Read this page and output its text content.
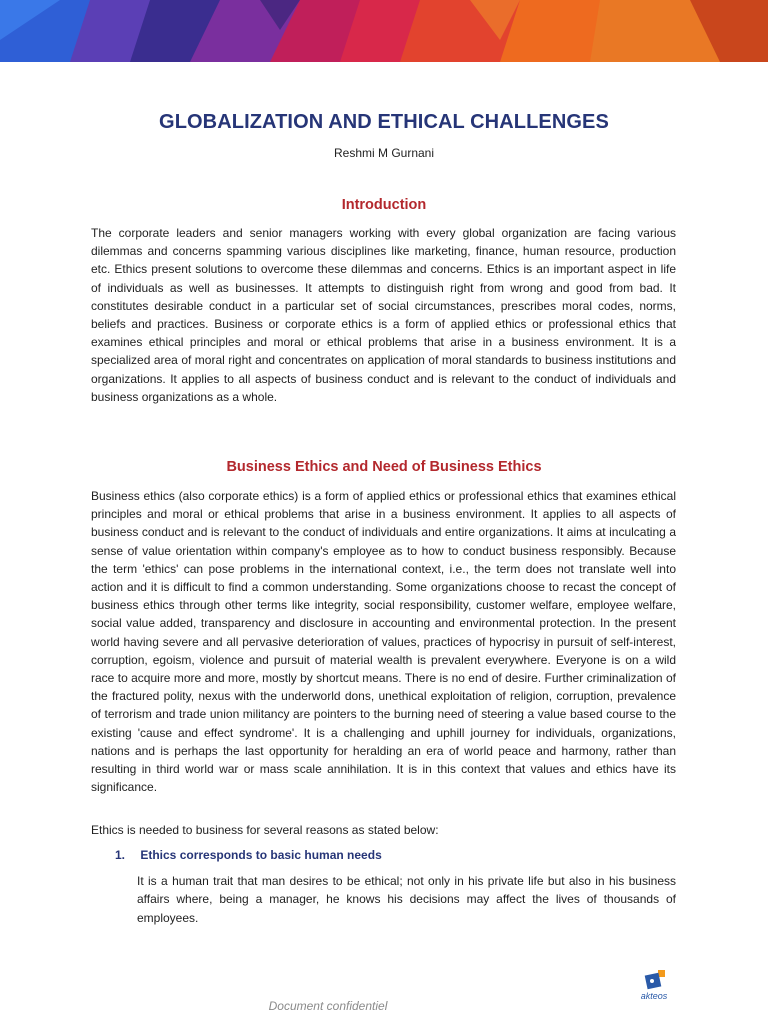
GLOBALIZATION AND ETHICAL CHALLENGES
Reshmi M Gurnani
Introduction

The corporate leaders and senior managers working with every global organization are facing various dilemmas and concerns spamming various disciplines like marketing, finance, human resource, production etc. Ethics present solutions to overcome these dilemmas and concerns. Ethics is an important aspect in life of individuals as well as businesses. It attempts to distinguish right from wrong and good from bad. It constitutes desirable conduct in a particular set of social circumstances, prescribes moral codes, norms, beliefs and practices. Business or corporate ethics is a form of applied ethics or professional ethics that examines ethical principles and moral or ethical problems that arise in a business environment. It is a specialized area of moral right and concentrates on application of moral standards to business institutions and organizations. It applies to all aspects of business conduct and is relevant to the conduct of individuals and business organizations as a whole.

Business Ethics and Need of Business Ethics

Business ethics (also corporate ethics) is a form of applied ethics or professional ethics that examines ethical principles and moral or ethical problems that arise in a business environment. It applies to all aspects of business conduct and is relevant to the conduct of individuals and entire organizations. It aims at inculcating a sense of value orientation within company's employee as to how to conduct business responsibly. Because the term 'ethics' can pose problems in the international context, i.e., the term does not translate well into action and it is difficult to find a common understanding. Some organizations choose to recast the concept of business ethics through other terms like integrity, social responsibility, customer welfare, employee welfare, social value added, transparency and disclosure in accounting and environmental protection. In the present world having severe and all pervasive deterioration of values, practices of hypocrisy in pursuit of self-interest, corruption, egoism, violence and pursuit of material wealth is prevalent everywhere. Everyone is on a wild race to acquire more and more, mostly by shortcut means. There is no end of desire. Further criminalization of the fractured polity, nexus with the underworld dons, unethical exploitation of religion, corruption, prevalence of terrorism and trade union militancy are pointers to the burning need of steering a value based course to the existing 'cause and effect syndrome'. It is a challenging and uphill journey for individuals, organizations, nations and is perhaps the last opportunity for heralding an era of world peace and harmony, rather than resulting in third world war or mass scale annihilation. It is in this context that values and ethics have its significance.

Ethics is needed to business for several reasons as stated below:
1. Ethics corresponds to basic human needs

It is a human trait that man desires to be ethical; not only in his private life but also in his business affairs where, being a manager, he knows his decisions may affect the lives of thousands of employees.

Document confidentiel
akteos
